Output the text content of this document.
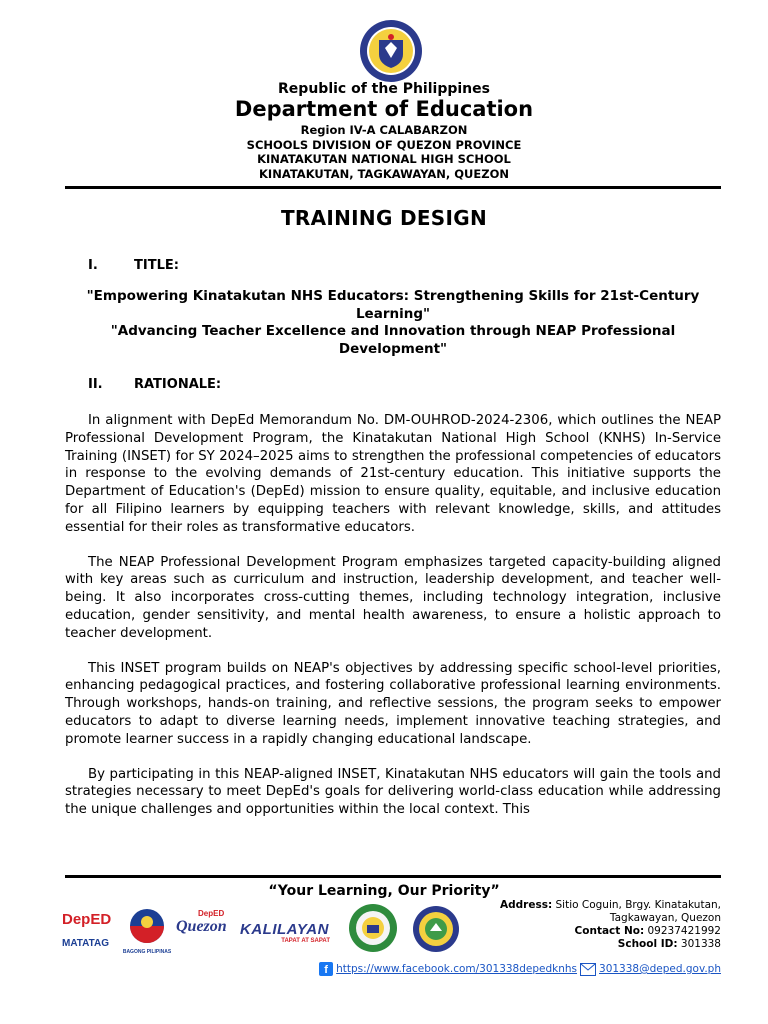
Republic of the Philippines
Department of Education
Region IV-A CALABARZON
SCHOOLS DIVISION OF QUEZON PROVINCE
KINATAKUTAN NATIONAL HIGH SCHOOL
KINATAKUTAN, TAGKAWAYAN, QUEZON
TRAINING DESIGN
I.	TITLE:
"Empowering Kinatakutan NHS Educators: Strengthening Skills for 21st-Century Learning"
"Advancing Teacher Excellence and Innovation through NEAP Professional Development"
II. RATIONALE:

In alignment with DepEd Memorandum No. DM-OUHROD-2024-2306, which outlines the NEAP Professional Development Program, the Kinatakutan National High School (KNHS) In-Service Training (INSET) for SY 2024–2025 aims to strengthen the professional competencies of educators in response to the evolving demands of 21st-century education. This initiative supports the Department of Education's (DepEd) mission to ensure quality, equitable, and inclusive education for all Filipino learners by equipping teachers with relevant knowledge, skills, and attitudes essential for their roles as transformative educators.

The NEAP Professional Development Program emphasizes targeted capacity-building aligned with key areas such as curriculum and instruction, leadership development, and teacher well-being. It also incorporates cross-cutting themes, including technology integration, inclusive education, gender sensitivity, and mental health awareness, to ensure a holistic approach to teacher development.

This INSET program builds on NEAP's objectives by addressing specific school-level priorities, enhancing pedagogical practices, and fostering collaborative professional learning environments. Through workshops, hands-on training, and reflective sessions, the program seeks to empower educators to adapt to diverse learning needs, implement innovative teaching strategies, and promote learner success in a rapidly changing educational landscape.

By participating in this NEAP-aligned INSET, Kinatakutan NHS educators will gain the tools and strategies necessary to meet DepEd's goals for delivering world-class education while addressing the unique challenges and opportunities within the local context. This

“Your Learning, Our Priority”
DepED
MATATAG
BAGONG PILIPINAS
DepED
Quezon KALILAYAN
TAPAT AT SAPAT
Address: Sitio Coguin, Brgy. Kinatakutan,
Tagkawayan, Quezon
Contact No: 09237421992
School ID: 301338
f https://www.facebook.com/301338depedknhs 301338@deped.gov.ph
